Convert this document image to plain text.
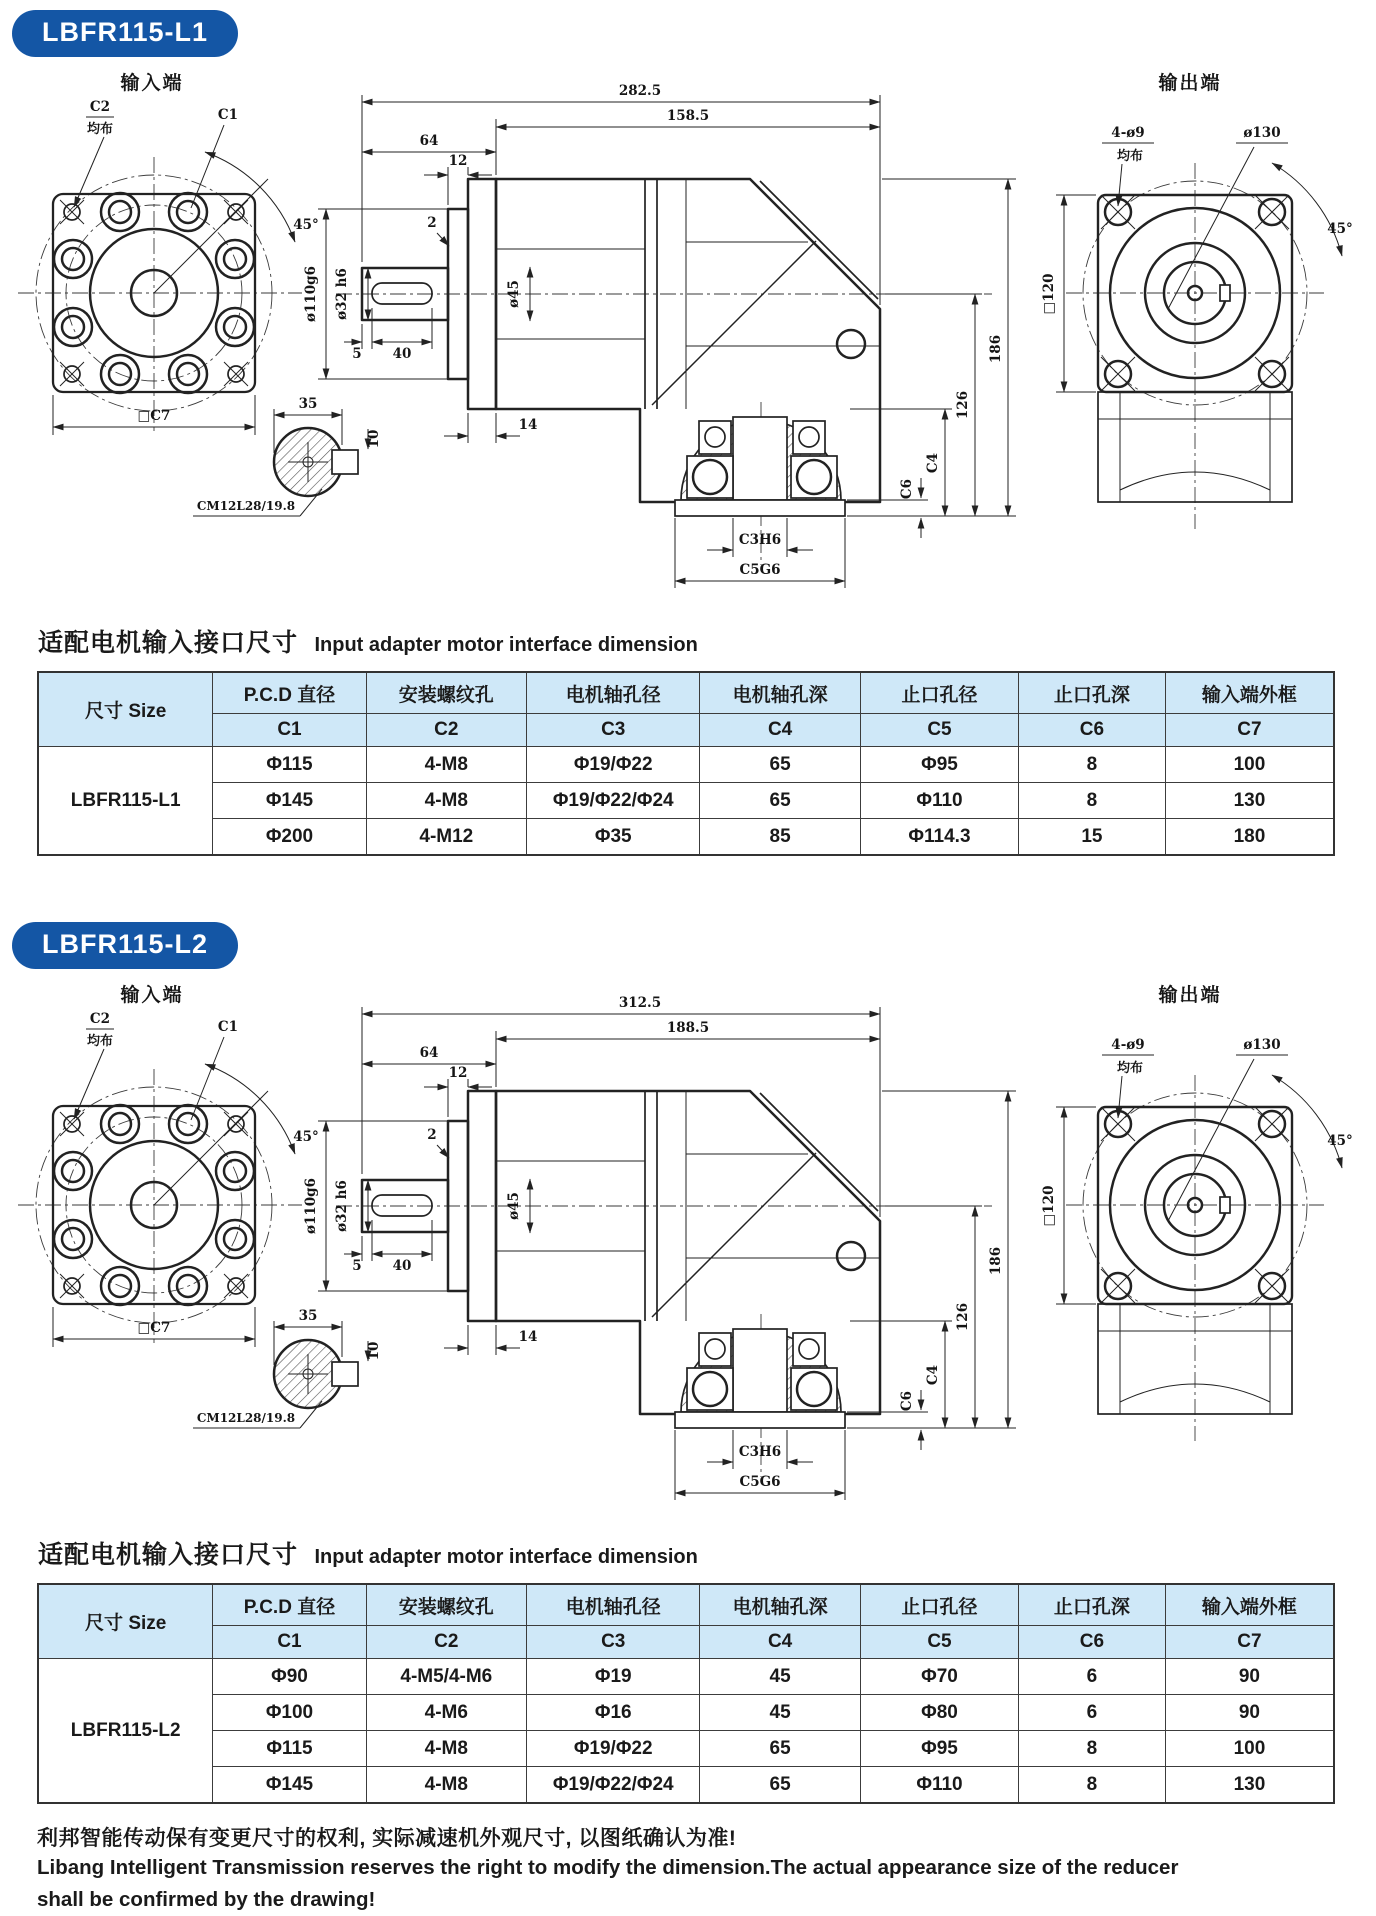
LBFR115-L1
输入端
45°
C2
均布
C1
□C7
35
10
CM12L28/19.8
282.5
158.5
64
12
2
ø110g6 ø32 h6	ø45
5 40
14
C3H6
C5G6
186
126
C4
C6
输出端
45°
4-ø9
均布
ø130
□120
适配电机输入接口尺寸 Input adapter motor interface dimension
尺寸 Size	P.C.D 直径	安装螺纹孔	电机轴孔径	电机轴孔深	止口孔径	止口孔深	输入端外框
	C1	C2	C3	C4	C5	C6	C7
LBFR115-L1	Φ115	4-M8	Φ19/Φ22	65	Φ95	8	100
	Φ145	4-M8	Φ19/Φ22/Φ24	65	Φ110	8	130
	Φ200	4-M12	Φ35	85	Φ114.3	15	180
LBFR115-L2
输入端
45°
C2
均布
C1
□C7
35
10
CM12L28/19.8
312.5
188.5
64
12
2
ø110g6 ø32 h6	ø45
5 40
14
C3H6
C5G6
186
126
C4
C6
输出端
45°
4-ø9
均布
ø130
□120
适配电机输入接口尺寸 Input adapter motor interface dimension
尺寸 Size	P.C.D 直径	安装螺纹孔	电机轴孔径	电机轴孔深	止口孔径	止口孔深	输入端外框
	C1	C2	C3	C4	C5	C6	C7
LBFR115-L2	Φ90	4-M5/4-M6	Φ19	45	Φ70	6	90
	Φ100	4-M6	Φ16	45	Φ80	6	90
	Φ115	4-M8	Φ19/Φ22	65	Φ95	8	100
	Φ145	4-M8	Φ19/Φ22/Φ24	65	Φ110	8	130
利邦智能传动保有变更尺寸的权利, 实际减速机外观尺寸, 以图纸确认为准!
Libang Intelligent Transmission reserves the right to modify the dimension.The actual appearance size of the reducer
shall be confirmed by the drawing!
